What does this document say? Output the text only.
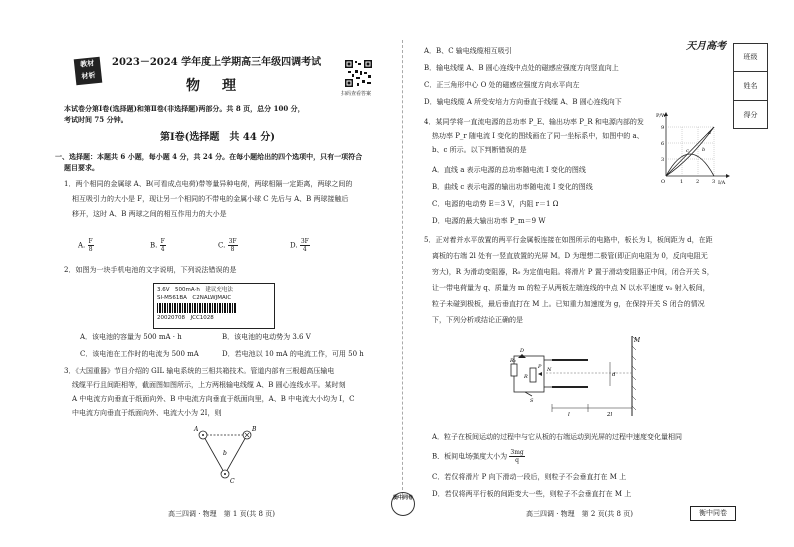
教材
材析
2023－2024 学年度上学期高三年级四调考试
物　理	扫码查看答案
本试卷分第Ⅰ卷(选择题)和第Ⅱ卷(非选择题)两部分。共 8 页，总分 100 分，
考试时间 75 分钟。
第Ⅰ卷(选择题　共 44 分)
一、选择题：本题共 6 小题，每小题 4 分，共 24 分。在每小题给出的四个选项中，只有一项符合
题目要求。
1．两个相同的金属球 A、B(可看成点电荷)带等量异种电荷，两球相隔一定距离，两球之间的
相互吸引力的大小是 F，现让另一个相同的不带电的金属小球 C 先后与 A、B 两球接触后
移开，这时 A、B 两球之间的相互作用力的大小是
A. $\frac{F}{8}$	B. $\frac{F}{4}$	C. $\frac{3F}{8}$	D. $\frac{3F}{4}$
2．如图为一块手机电池的文字说明，下列说法错误的是
3.6V　500mA·h　建议充电法
SI-M561BA　C2NALWJMAIC
20020708　JCC1028
A．该电池的容量为 500 mA · h	B．该电池的电动势为 3.6 V
C．该电池在工作时的电流为 500 mA	D．若电池以 10 mA 的电流工作，可用 50 h
3．《大国重器》节目介绍的 GIL 输电系统的三相共箱技术。管道内部有三根超高压输电
线缆平行且间距相等，截面图如图所示，上方两根输电线缆 A、B 圆心连线水平。某时刻
A 中电流方向垂直于纸面向外、B 中电流方向垂直于纸面向里，A、B 中电流大小均为 I，C
中电流方向垂直于纸面向外、电流大小为 2I，则
A	B
C
b
高三四调 · 物理　第 1 页(共 8 页)
衡中同卷
天月高考
班级
姓名
得分
A．B、C 输电线缆相互吸引
B．输电线缆 A、B 圆心连线中点处的磁感应强度方向竖直向上
C．正三角形中心 O 处的磁感应强度方向水平向左
D．输电线缆 A 所受安培力方向垂直于线缆 A、B 圆心连线向下
4．某同学将一直流电源的总功率 P_E、输出功率 P_R 和电源内部的发
热功率 P_r 随电流 I 变化的图线画在了同一坐标系中，如图中的 a、
b、c 所示。以下判断错误的是
P/W
I/A
9
6
3
1	2	3
O
a
b
c
A．直线 a 表示电源的总功率随电流 I 变化的图线
B．曲线 c 表示电源的输出功率随电流 I 变化的图线
C．电源的电动势 E＝3 V，内阻 r＝1 Ω
D．电源的最大输出功率 P_m＝9 W
5．正对着并水平放置的两平行金属板连接在如图所示的电路中，板长为 l，板间距为 d，在距
离板的右端 2l 处有一竖直放置的光屏 M。D 为理想二极管(即正向电阻为 0，反向电阻无
穷大)，R 为滑动变阻器，R₀ 为定值电阻。将滑片 P 置于滑动变阻器正中间，闭合开关 S，
让一带电荷量为 q、质量为 m 的粒子从两板左端连线的中点 N 以水平速度 v₀ 射入板间，
粒子未碰到极板，最后垂直打在 M 上。已知重力加速度为 g，在保持开关 S 闭合的情况
下，下列分析或结论正确的是
M
l	2l
d
N
R₀
R
P
S
D
A．粒子在板间运动的过程中与它从板的右端运动到光屏的过程中速度变化量相同
B．板间电场强度大小为 $\frac{3mg}{q}$
C．若仅将滑片 P 向下滑动一段后，则粒子不会垂直打在 M 上
D．若仅将两平行板的间距变大一些，则粒子不会垂直打在 M 上
高三四调 · 物理　第 2 页(共 8 页)	衡中同卷
